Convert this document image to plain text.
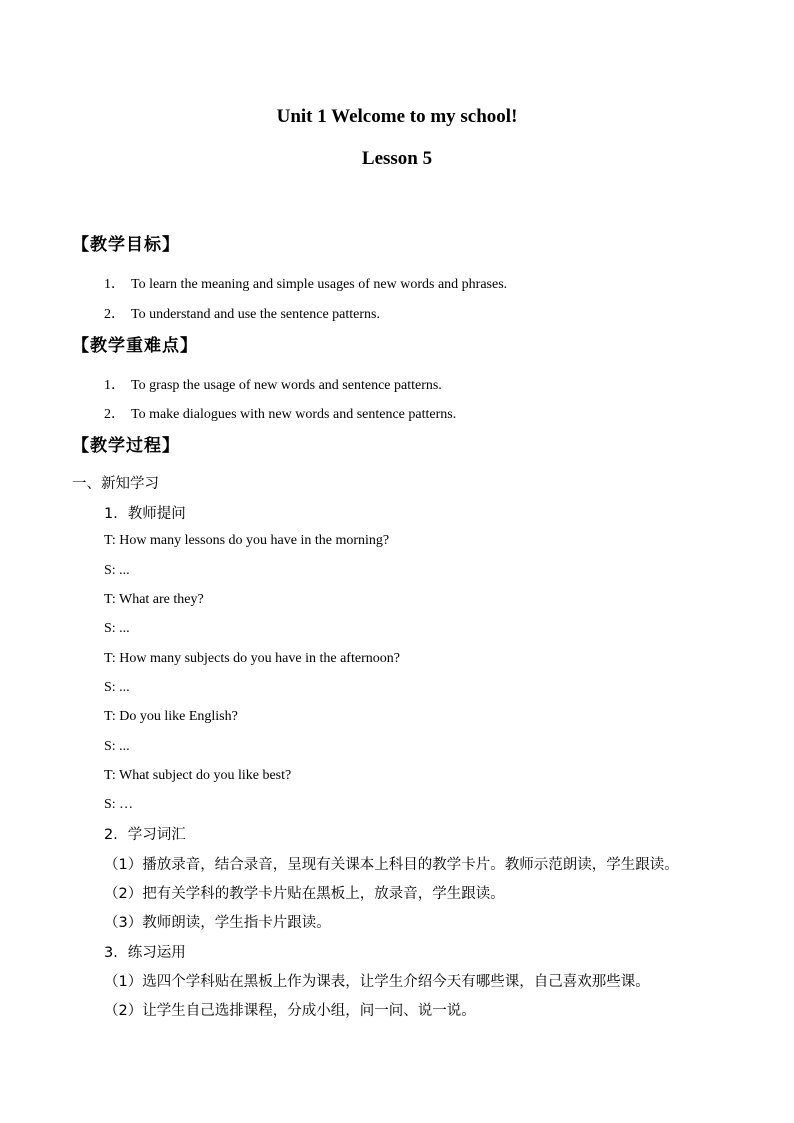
Unit 1 Welcome to my school!
Lesson 5
【教学目标】
1． To learn the meaning and simple usages of new words and phrases.
2． To understand and use the sentence patterns.
【教学重难点】
1． To grasp the usage of new words and sentence patterns.
2． To make dialogues with new words and sentence patterns.
【教学过程】
一、新知学习
1．教师提问
T: How many lessons do you have in the morning?
S: ...
T: What are they?
S: ...
T: How many subjects do you have in the afternoon?
S: ...
T: Do you like English?
S: ...
T: What subject do you like best?
S: …
2．学习词汇
（1）播放录音，结合录音，呈现有关课本上科目的教学卡片。教师示范朗读，学生跟读。
（2）把有关学科的教学卡片贴在黑板上，放录音，学生跟读。
（3）教师朗读，学生指卡片跟读。
3．练习运用
（1）选四个学科贴在黑板上作为课表，让学生介绍今天有哪些课，自己喜欢那些课。
（2）让学生自己选排课程，分成小组，问一问、说一说。
